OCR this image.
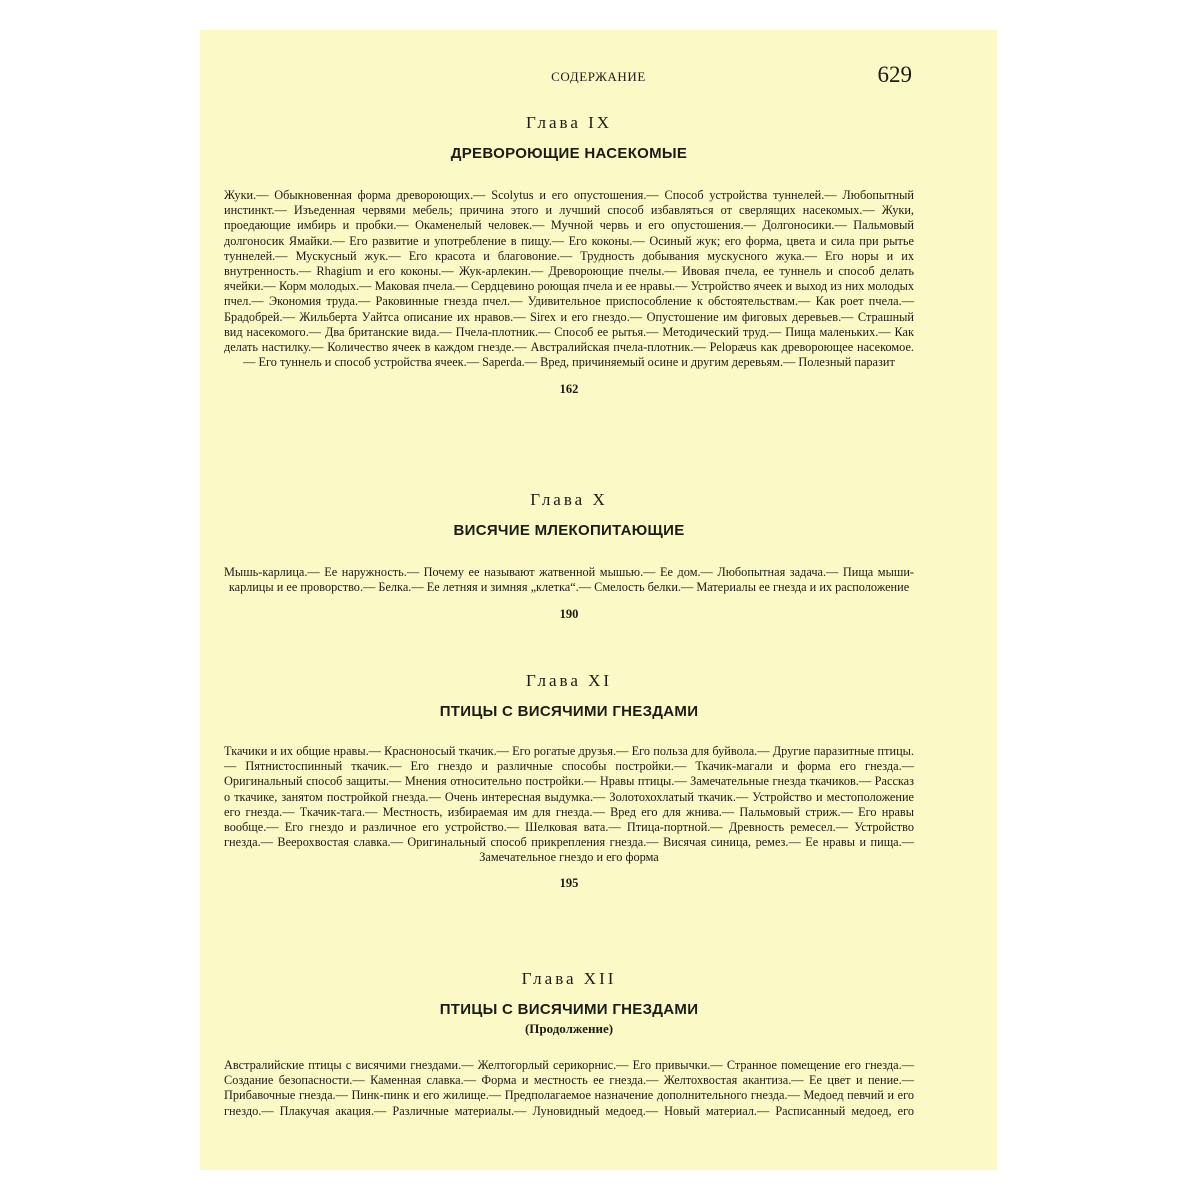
СОДЕРЖАНИЕ	629

Глава IX

ДРЕВОРОЮЩИЕ НАСЕКОМЫЕ

Жуки.— Обыкновенная форма древороющих.— Scolytus и его опустошения.— Способ устройства туннелей.— Любопытный инстинкт.— Изъеденная червями мебель; причина этого и лучший способ избавляться от сверлящих насекомых.— Жуки, проедающие имбирь и пробки.— Окаменелый человек.— Мучной червь и его опустошения.— Долгоносики.— Пальмовый долгоносик Ямайки.— Его развитие и употребление в пищу.— Его коконы.— Осиный жук; его форма, цвета и сила при рытье туннелей.— Мускусный жук.— Его красота и благовоние.— Трудность добывания мускусного жука.— Его норы и их внутренность.— Rhagium и его коконы.— Жук-арлекин.— Древороющие пчелы.— Ивовая пчела, ее туннель и способ делать ячейки.— Корм молодых.— Маковая пчела.— Сердцевино роющая пчела и ее нравы.— Устройство ячеек и выход из них молодых пчел.— Экономия труда.— Раковинные гнезда пчел.— Удивительное приспособление к обстоятельствам.— Как роет пчела.— Брадобрей.— Жильберта Уайтса описание их нравов.— Sirex и его гнездо.— Опустошение им фиговых деревьев.— Страшный вид насекомого.— Два британские вида.— Пчела-плотник.— Способ ее рытья.— Методический труд.— Пища маленьких.— Как делать настилку.— Количество ячеек в каждом гнезде.— Австралийская пчела-плотник.— Pelopæus как древороющее насекомое.— Его туннель и способ устройства ячеек.— Saperda.— Вред, причиняемый осине и другим деревьям.— Полезный паразит

162

Глава X

ВИСЯЧИЕ МЛЕКОПИТАЮЩИЕ

Мышь-карлица.— Ее наружность.— Почему ее называют жатвенной мышью.— Ее дом.— Любопытная задача.— Пища мыши-карлицы и ее проворство.— Белка.— Ее летняя и зимняя „клетка“.— Смелость белки.— Материалы ее гнезда и их расположение

190

Глава XI

ПТИЦЫ С ВИСЯЧИМИ ГНЕЗДАМИ

Ткачики и их общие нравы.— Красноносый ткачик.— Его рогатые друзья.— Его польза для буйвола.— Другие паразитные птицы.— Пятнистоспинный ткачик.— Его гнездо и различные способы постройки.— Ткачик-магали и форма его гнезда.— Оригинальный способ защиты.— Мнения относительно постройки.— Нравы птицы.— Замечательные гнезда ткачиков.— Рассказ о ткачике, занятом постройкой гнезда.— Очень интересная выдумка.— Золотохохлатый ткачик.— Устройство и местоположение его гнезда.— Ткачик-тага.— Местность, избираемая им для гнезда.— Вред его для жнива.— Пальмовый стриж.— Его нравы вообще.— Его гнездо и различное его устройство.— Шелковая вата.— Птица-портной.— Древность ремесел.— Устройство гнезда.— Веерохвостая славка.— Оригинальный способ прикрепления гнезда.— Висячая синица, ремез.— Ее нравы и пища.— Замечательное гнездо и его форма

195

Глава XII

ПТИЦЫ С ВИСЯЧИМИ ГНЕЗДАМИ

(Продолжение)

Австралийские птицы с висячими гнездами.— Желтогорлый серикорнис.— Его привычки.— Странное помещение его гнезда.— Создание безопасности.— Каменная славка.— Форма и местность ее гнезда.— Желтохвостая акантиза.— Ее цвет и пение.— Прибавочные гнезда.— Пинк-пинк и его жилище.— Предполагаемое назначение дополнительного гнезда.— Медоед певчий и его гнездо.— Плакучая акация.— Различные материалы.— Луновидный медоед.— Новый материал.— Расписанный медоед, его
